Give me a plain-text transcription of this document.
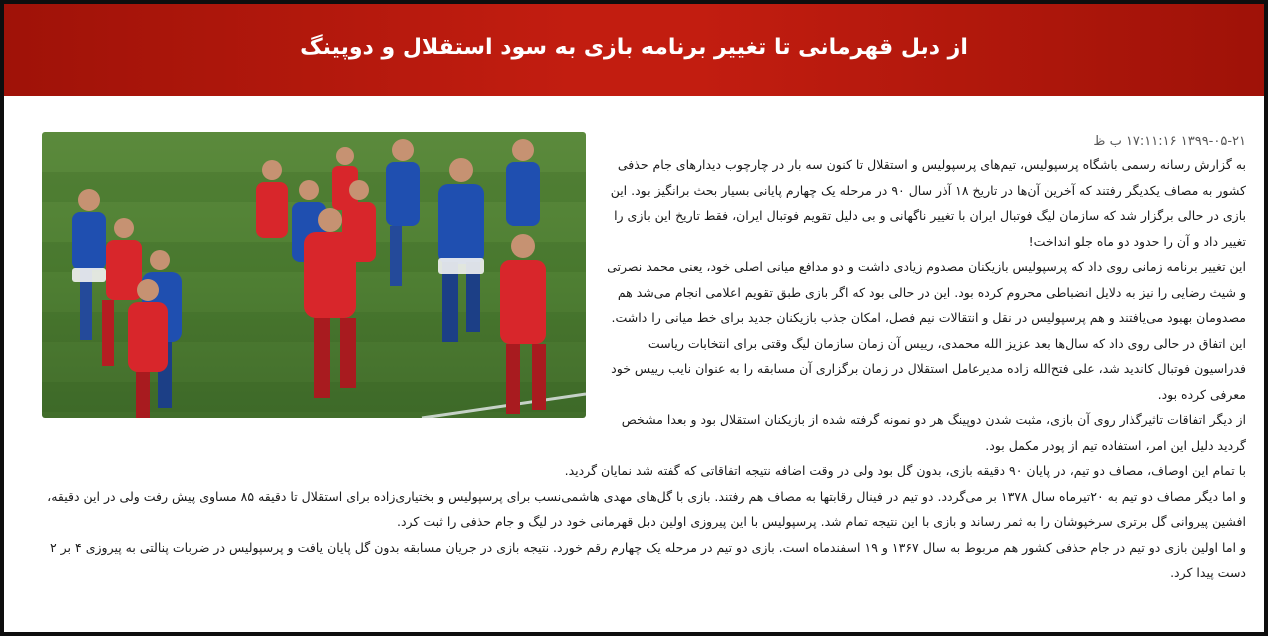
از دبل قهرمانی تا تغییر برنامه بازی به سود استقلال و دوپینگ
۱۳۹۹-۰۵-۲۱ ۱۷:۱۱:۱۶ ب ظ

به گزارش رسانه رسمی باشگاه پرسپولیس، تیم‌های پرسپولیس و استقلال تا کنون سه بار در چارچوب دیدارهای جام حذفی کشور به مصاف یکدیگر رفتند که آخرین آن‌ها در تاریخ ۱۸ آذر سال ۹۰ در مرحله یک چهارم پایانی بسیار بحث برانگیز بود. این بازی در حالی برگزار شد که سازمان لیگ فوتبال ایران با تغییر ناگهانی و بی دلیل تقویم فوتبال ایران، فقط تاریخ این بازی را تغییر داد و آن را حدود دو ماه جلو انداخت!

این تغییر برنامه زمانی روی داد که پرسپولیس بازیکنان مصدوم زیادی داشت و دو مدافع میانی اصلی خود، یعنی محمد نصرتی و شیث رضایی را نیز به دلایل انضباطی محروم کرده بود. این در حالی بود که اگر بازی طبق تقویم اعلامی انجام می‌شد هم مصدومان بهبود می‌یافتند و هم پرسپولیس در نقل و انتقالات نیم فصل، امکان جذب بازیکنان جدید برای خط میانی را داشت.

این اتفاق در حالی روی داد که سال‌ها بعد عزیز الله محمدی، رییس آن زمان سازمان لیگ وقتی برای انتخابات ریاست فدراسیون فوتبال کاندید شد، علی فتح‌الله زاده مدیرعامل استقلال در زمان برگزاری آن مسابقه را به عنوان نایب رییس خود معرفی کرده بود.

از دیگر اتفاقات تاثیرگذار روی آن بازی، مثبت شدن دوپینگ هر دو نمونه گرفته شده از بازیکنان استقلال بود و بعدا مشخص گردید دلیل این امر، استفاده تیم از پودر مکمل بود.

با تمام این اوصاف، مصاف دو تیم، در پایان ۹۰ دقیقه بازی، بدون گل بود ولی در وقت اضافه نتیجه اتفاقاتی که گفته شد نمایان گردید.

و اما دیگر مصاف دو تیم به ۲۰تیرماه سال ۱۳۷۸ بر می‌گردد. دو تیم در فینال رقابتها به مصاف هم رفتند. بازی با گل‌های مهدی هاشمی‌نسب برای پرسپولیس و بختیاری‌زاده برای استقلال تا دقیقه ۸۵ مساوی پیش رفت ولی در این دقیقه، افشین پیروانی گل برتری سرخپوشان را به ثمر رساند و بازی با این نتیجه تمام شد. پرسپولیس با این پیروزی اولین دبل قهرمانی خود در لیگ و جام حذفی را ثبت کرد.

و اما اولین بازی دو تیم در جام حذفی کشور هم مربوط به سال ۱۳۶۷ و ۱۹ اسفندماه است. بازی دو تیم در مرحله یک چهارم رقم خورد. نتیجه بازی در جریان مسابقه بدون گل پایان یافت و پرسپولیس در ضربات پنالتی به پیروزی ۴ بر ۲ دست پیدا کرد.
